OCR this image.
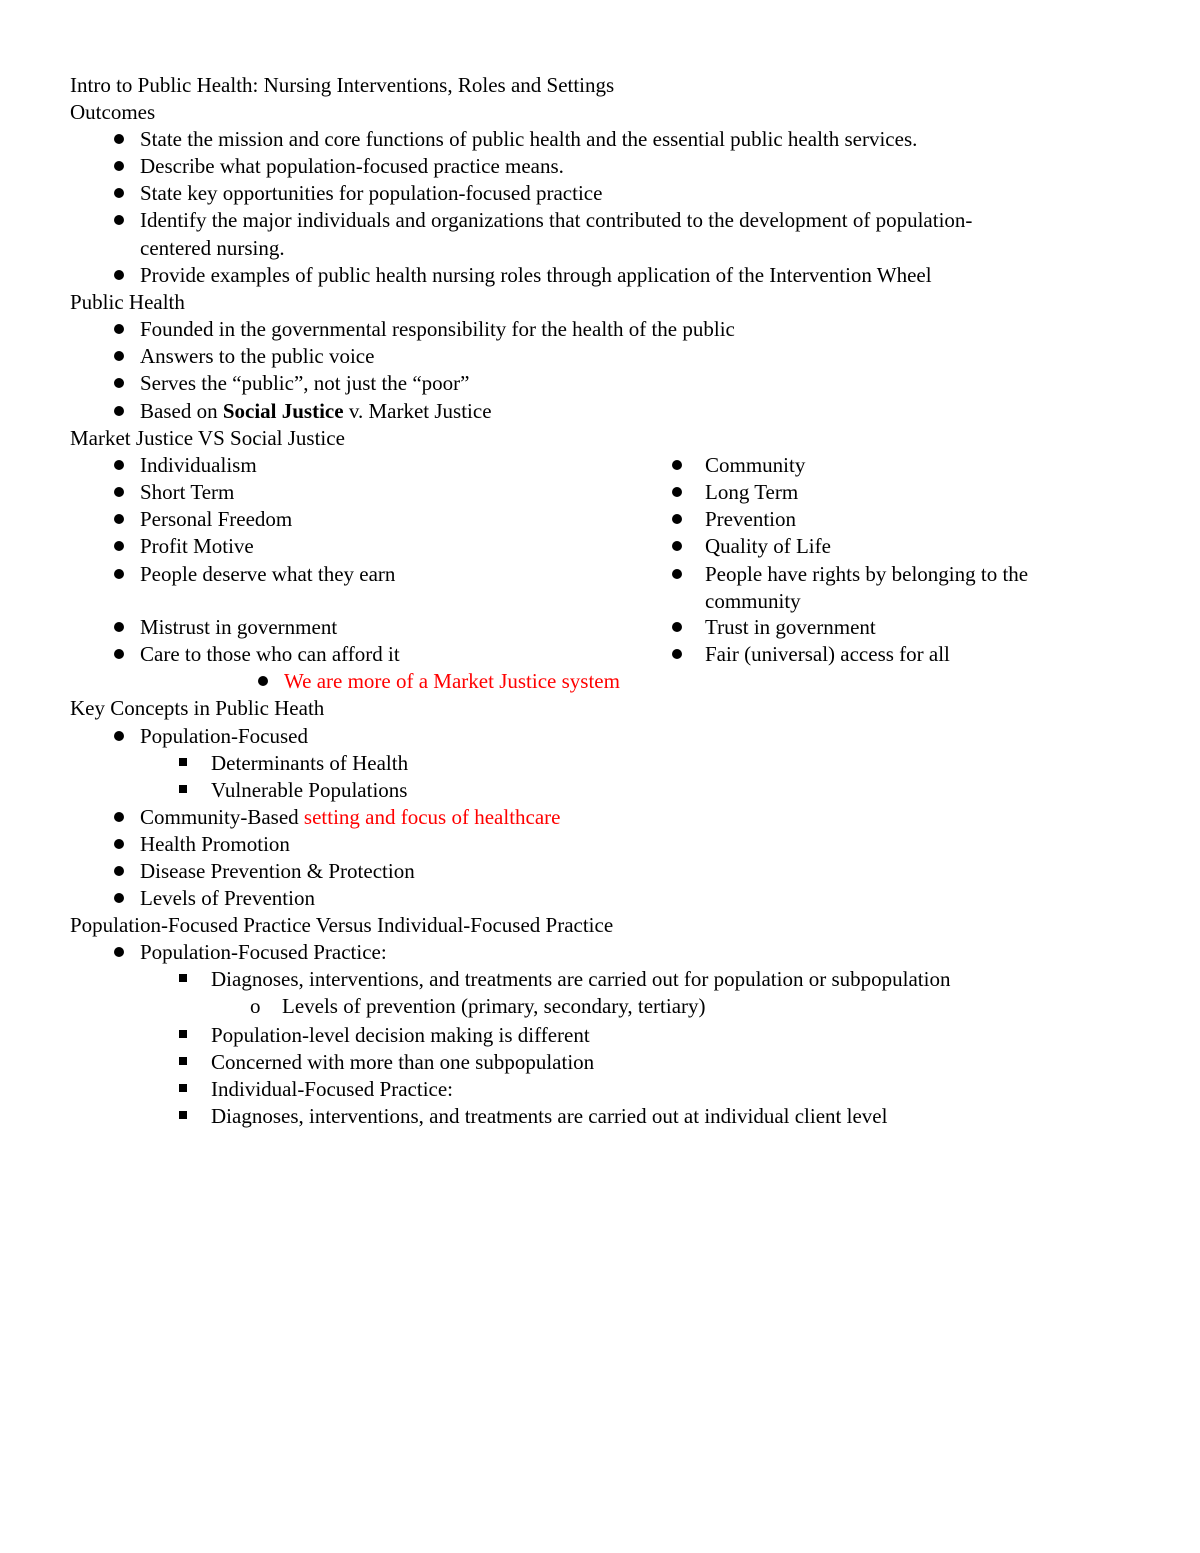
Intro to Public Health: Nursing Interventions, Roles and Settings
Outcomes
State the mission and core functions of public health and the essential public health services.
Describe what population-focused practice means.
State key opportunities for population-focused practice
Identify the major individuals and organizations that contributed to the development of population-
centered nursing.
Provide examples of public health nursing roles through application of the Intervention Wheel
Public Health
Founded in the governmental responsibility for the health of the public
Answers to the public voice
Serves the “public”, not just the “poor”
Based on Social Justice v. Market Justice
Market Justice VS Social Justice
Individualism
Short Term
Personal Freedom
Profit Motive
People deserve what they earn
Mistrust in government
Care to those who can afford it
Community
Long Term
Prevention
Quality of Life
People have rights by belonging to the
community
Trust in government
Fair (universal) access for all
We are more of a Market Justice system
Key Concepts in Public Heath
Population-Focused
Determinants of Health
Vulnerable Populations
Community-Based setting and focus of healthcare
Health Promotion
Disease Prevention & Protection
Levels of Prevention
Population-Focused Practice Versus Individual-Focused Practice
Population-Focused Practice:
Diagnoses, interventions, and treatments are carried out for population or subpopulation
o Levels of prevention (primary, secondary, tertiary)
Population-level decision making is different
Concerned with more than one subpopulation
Individual-Focused Practice:
Diagnoses, interventions, and treatments are carried out at individual client level
